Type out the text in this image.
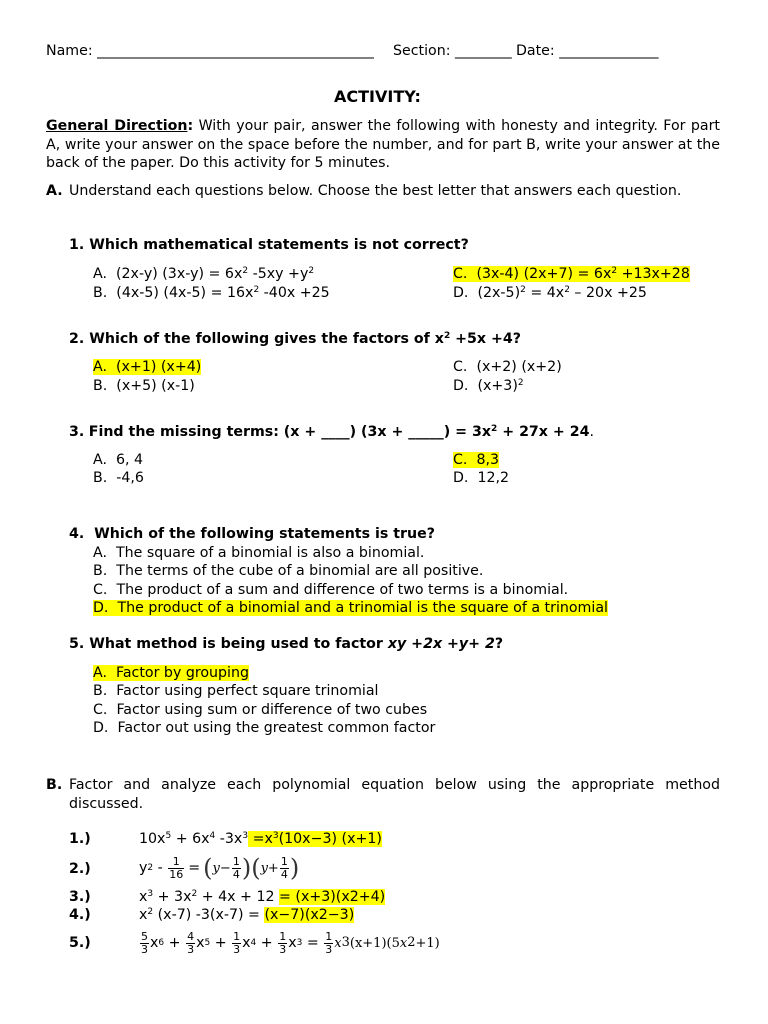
Name: _______________________________________ Section: ________ Date: ______________
ACTIVITY:
General Direction: With your pair, answer the following with honesty and integrity. For part A, write your answer on the space before the number, and for part B, write your answer at the back of the paper. Do this activity for 5 minutes.
A. Understand each questions below. Choose the best letter that answers each question.
1. Which mathematical statements is not correct?
A. (2x-y) $(3x-y) = 6x^2$ $-5xy +y^2$
B. (4x-5) $(4x-5) = 16x^2$ -40x +25
C. (3x-4) $(2x+7) = 6x^2 +13x+28$
D. $(2x-5)^2 = 4x^2 - 20x +25$
2. Which of the following gives the factors of $x^2 +5x +4$?
A. (x+1) (x+4)
B. (x+5) (x-1)
C. (x+2) (x+2)
D. $(x+3)^2$
3. Find the missing terms: (x + ____) (3x + _____) = $3x^2 + 27x + 24$.
A. 6, 4
B. -4,6
C. 8,3
D. 12,2
4. Which of the following statements is true?
A. The square of a binomial is also a binomial.
B. The terms of the cube of a binomial are all positive.
C. The product of a sum and difference of two terms is a binomial.
D. The product of a binomial and a trinomial is the square of a trinomial
5. What method is being used to factor xy +2x +y+ 2?
A. Factor by grouping
B. Factor using perfect square trinomial
C. Factor using sum or difference of two cubes
D. Factor out using the greatest common factor
B. Factor and analyze each polynomial equation below using the appropriate method discussed.
1.)
2.)
3.)
4.)
5.)
$10x^5 + 6x^4$ $-3x^3 =x^3(10x-3)$ (x+1)
y $2 - \frac{1}{16}$ = ( $y - \frac{1}{4}$ ) ( $y + \frac{1}{4}$ )
$x^3 + 3x^2 + 4x + 12 = (x+3)(x2+4)$
$x^2$ (x-7) -3(x-7) = (x−7)(x2−3)
$\frac{5}{3}$ x $6 + \frac{4}{3}$ x $5 + \frac{1}{3}$ x $4 + \frac{1}{3}$ x $3 = \frac{1}{3}$ x 3 (x+1) (5 x 2 +1)
